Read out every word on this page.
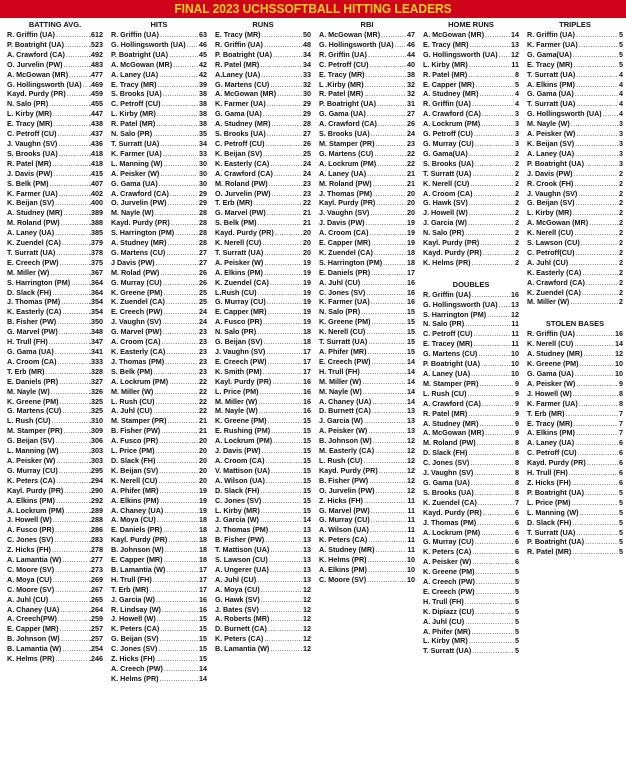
FINAL 2023 UCHSSOFTBALL HITTING LEADERS
BATTING AVG.
R. Griffin (UA) .....	.612
P. Boatright (UA) .....	.523
A. Crawford (CA) .....	.492
O. Jurvelin (PW) .....	.483
A. McGowan (MR) .....	.477
G. Hollingsworth (UA) ..... .469
Kayd. Purdy (PR) .....	.459
N. Salo (PR) .....	.455
L. Kirby (MR) .....	.447
E. Tracy (MR) .....	.438
C. Petroff (CU) .....	.437
J. Vaughn (SV) .....	.436
S. Brooks (UA) .....	.418
R. Patel (MR) .....	.418
J. Davis (PW) .....	.415
S. Belk (PM) .....	.407
K. Farmer (UA) .....	.402
K. Beijan (SV) .....	.400
A. Studney (MR) .....	.389
M. Roland (PW) .....	.388
A. Laney (UA) .....	.385
K. Zuendel (CA) .....	.379
T. Surratt (UA) .....	.378
E. Creech (PW) .....	.375
M. Miller (W) .....	.367
S. Harrington (PM) .....	.364
D. Slack (FH) .....	.364
J. Thomas (PM) .....	.354
K. Easterly (CA) .....	.354
B. Fisher (PW) .....	.350
G. Marvel (PW) .....	.348
H. Trull (FH) .....	.347
G. Gama (UA) .....	.341
A. Croom (CA) .....	.333
T. Erb (MR) .....	.328
E. Daniels (PR) .....	.327
M. Nayle (W) .....	.326
K. Greene (PM) .....	.325
G. Martens (CU) .....	.325
L. Rush (CU) .....	.310
M. Stamper (PR) .....	.309
G. Beijan (SV) .....	.306
L. Manning (W) .....	.303
A. Peisker (W) .....	.303
G. Murray (CU) .....	.295
K. Peters (CA) .....	.294
Kayl. Purdy (PR) .....	.290
A. Elkins (PM) .....	.292
A. Lockrum (PM) .....	.289
J. Howell (W) .....	.288
A. Fusco (PR) .....	.286
C. Jones (SV) .....	.283
Z. Hicks (FH) .....	.278
A. Lamantia (W) .....	.277
C. Moore (SV) .....	.273
A. Moya (CU) .....	.269
C. Moore (SV) .....	.267
A. Juhl (CU) .....	.265
A. Chaney (UA) .....	.264
A. Creech(PW) .....	.259
E. Capper (MR) .....	.257
B. Johnson (W) .....	.257
B. Lamantia (W) .....	.254
K. Helms (PR) .....	.246
HITS
R. Griffin (UA) .....	63
G. Hollingsworth (UA) ..... 46
P. Boatright (UA) .....	45
A. McGowan (MR) .....	42
A. Laney (UA) .....	42
E. Tracy (MR) .....	39
S. Brooks (UA) .....	38
C. Petroff (CU) .....	38
L. Kirby (MR) .....	38
R. Patel (MR) .....	38
N. Salo (PR) .....	35
T. Surratt (UA) .....	34
K. Farmer (UA) .....	33
L. Manning (W) .....	30
A. Peisker (W) .....	30
G. Gama (UA) .....	30
A. Crawford (CA) .....	29
O. Jurvelin (PW) .....	29
M. Nayle (W) .....	28
Kayd. Purdy (PR) .....	28
S. Harrington (PM) .....	28
A. Studney (MR) .....	28
G. Martens (CU) .....	27
J Davis (PW) .....	27
M. Rolad (PW) .....	26
G. Murray (CU) .....	26
K. Greene (PM) .....	25
K. Zuendel (CA) .....	25
E. Creech (PW) .....	24
J. Vaughn (SV) .....	24
G. Marvel (PW) .....	23
A. Croom (CA) .....	23
K. Easterly (CA) .....	23
J. Thomas (PM) .....	23
S. Belk (PM) .....	23
A. Lockrum (PM) .....	22
M. Miller (W) .....	22
L. Rush (CU) .....	22
A. Juhl (CU) .....	22
M. Stamper (PR) .....	21
B. Fisher (PW) .....	21
A. Fusco (PR) .....	20
L. Price (PM) .....	20
D. Slack (FH) .....	20
K. Beijan (SV) .....	20
K. Nerell (CU) .....	20
A. Phifer (MR) .....	19
A. Elkins (PM) .....	19
A. Chaney (UA) .....	19
A. Moya (CU) .....	18
E. Daniels (PR) .....	18
Kayl. Purdy (PR) .....	18
B. Johnson (W) .....	18
E. Capper (MR) .....	18
B. Lamantia (W) .....	17
H. Trull (FH) .....	17
T. Erb (MR) .....	17
J. Garcia (W) .....	16
R. Lindsay (W) .....	16
J. Howell (W) .....	15
K. Peters (CA) .....	15
G. Beijan (SV) .....	15
C. Jones (SV) .....	15
Z. Hicks (FH) .....	15
A. Creech (PW) .....	14
K. Helms (PR) .....	14
RUNS
E. Tracy (MR) .....	50
R. Griffin (UA) .....	48
P. Boatright (UA) .....	34
R. Patel (MR) .....	34
A.Laney (UA) .....	33
G. Martens (CU) .....	32
A. McGowan (MR) .....	30
K. Farmer (UA) .....	29
G. Gama (UA) .....	29
A. Studney (MR) .....	28
S. Brooks (UA) .....	27
C. Petroff (CU) .....	26
K. Beijan (SV) .....	25
K. Easterly (CA) .....	24
A. Crawford (CA) .....	24
M. Roland (PW) .....	23
O. Jurvelin (PW) .....	23
T. Erb (MR) .....	22
G. Marvel (PW) .....	21
S. Belk (PM) .....	21
Kayd. Purdy (PR) .....	20
K. Nerell (CU) .....	20
T. Surratt (UA) .....	20
A. Peisker (W) .....	19
A. Elkins (PM) .....	19
K. Zuendel (CA) .....	19
L.Rush (CU) .....	19
G. Murray (CU) .....	19
E. Capper (MR) .....	19
A. Fusco (PR) .....	19
N. Salo (PR) .....	18
G. Beijan (SV) .....	18
J. Vaughn (SV) .....	17
E. Creech (PW) .....	17
K. Smith (PM) .....	17
Kayl. Purdy (PR) .....	16
L. Price (PM) .....	16
M. Miller (W) .....	16
M. Nayle (W) .....	16
K. Greene (PM) .....	15
E. Rushing (PM) .....	15
A. Lockrum (PM) .....	15
J. Davis (PW) .....	15
A. Croom (CA) .....	15
V. Mattison (UA) .....	15
A. Wilson (UA) .....	15
D. Slack (FH) .....	15
C. Jones (SV) .....	15
L. Kirby (MR) .....	15
J. Garcia (W) .....	14
J. Thomas (PM) .....	13
B. Fisher (PW) .....	13
T. Mattison (UA) .....	13
S. Lawson (CU) .....	13
A. Ungerer (UA) .....	13
A. Juhl (CU) .....	13
A. Moya (CU) .....	12
G. Hawk (SV) .....	12
J. Bates (SV) .....	12
A. Roberts (MR) .....	12
D. Burnett (CA) .....	12
K. Peters (CA) .....	12
B. Lamantia (W) .....	12
RBI
A. McGowan (MR) .....	47
G. Hollingsworth (UA) ..... 46
R. Griffin (UA) .....	44
C. Petroff (CU) .....	40
E. Tracy (MR) .....	38
L .Kirby (MR) .....	32
R. Patel (MR) .....	32
P. Boatright (UA) .....	31
G. Gama (UA) .....	27
A. Crawford (CA) .....	26
S. Brooks (UA) .....	24
M. Stamper (PR) .....	23
G. Martens (CU) .....	22
A. Lockrum (PM) .....	22
A. Laney (UA) .....	21
M. Roland (PW) .....	21
J. Thomas (PM) .....	20
Kayl. Purdy (PR) .....	20
J. Vaughn (SV) .....	20
J. Davis (PW) .....	19
A. Croom (CA) .....	19
E. Capper (MR) .....	19
K. Zuendel (CA) .....	18
S. Harrington (PM) .....	18
E. Daniels (PR) .....	17
A. Juhl (CU) .....	16
C. Jones (SV) .....	16
K. Farmer (UA) .....	16
N. Salo (PR) .....	15
K. Greene (PM) .....	15
K. Nerell (CU) .....	15
T. Surratt (UA) .....	15
A. Phifer (MR) .....	15
E. Creech (PW) .....	14
H. Trull (FH) .....	14
M. Miller (W) .....	14
M. Nayle (W) .....	14
A. Chaney (UA) .....	14
D. Burnett (CA) .....	13
J. Garcia (W) .....	13
A. Peisker (W) .....	13
B. Johnson (W) .....	12
M. Easterly (CA) .....	12
L. Rush (CU) .....	12
Kayd. Purdy (PR) .....	12
B. Fisher (PW) .....	12
O. Jurvelin (PW) .....	12
Z. Hicks (FH) .....	11
G. Marvel (PW) .....	11
G. Murray (CU) .....	11
A. Wilson (UA) .....	11
K. Peters (CA) .....	11
A. Studney (MR) .....	11
K. Helms (PR) .....	10
A. Elkins (PM) .....	10
C. Moore (SV) .....	10
HOME RUNS
A. McGowan (MR) .....	14
E. Tracy (MR) .....	13
G. Hollingsworth (UA) ..... 12
L. Kirby (MR) .....	11
R. Patel (MR) .....	8
E. Capper (MR) .....	5
A. Studney (MR) .....	4
R. Griffin (UA) .....	4
A. Crawford (CA) .....	3
A. Lockrum (PM) .....	3
G. Petroff (CU) .....	3
G. Murray (CU) .....	3
G. Gama(UA) .....	2
S. Brooks (UA) .....	2
T. Surratt (UA) .....	2
K. Nerell (CU) .....	2
A. Croom (CA) .....	2
G. Hawk (SV) .....	2
J. Howell (W) .....	2
J. Garcia (W) .....	2
N. Salo (PR) .....	2
Kayl. Purdy (PR) .....	2
Kayd. Purdy (PR) .....	2
K. Helms (PR) .....	2
DOUBLES
R. Griffin (UA) .....	16
G. Hollingsworth (UA) ..... 13
S. Harrington (PM) .....	12
N. Salo (PR) .....	11
C. Petroff (CU) .....	11
E. Tracey (MR) .....	11
G. Martens (CU) .....	10
P. Boatright (UA) .....	10
A. Laney (UA) .....	10
M. Stamper (PR) .....	9
L. Rush (CU) .....	9
A. Crawford (CA) .....	9
R. Patel (MR) .....	9
A. Studney (MR) .....	9
A. McGowan (MR) .....	9
M. Roland (PW) .....	8
D. Slack (FH) .....	8
C. Jones (SV) .....	8
J. Vaughn (SV) .....	8
G. Gama (UA) .....	8
S. Brooks (UA) .....	8
K. Zuendel (CA) .....	7
Kayd. Purdy (PR) .....	6
J. Thomas (PM) .....	6
A. Lockrum (PM) .....	6
G. Murray (CU) .....	6
K. Peters (CA) .....	6
A. Peisker (W) .....	6
K. Greene (PM) .....	5
A. Creech (PW) .....	5
E. Creech (PW) .....	5
H. Trull (FH) .....	5
K. Dipiazz (CU) .....	5
A. Juhl (CU) .....	5
A. Phifer (MR) .....	5
L. Kirby (MR) .....	5
T. Surratt (UA) .....	5
TRIPLES
R. Griffin (UA) .....	5
K. Farmer (UA) .....	5
G. Gama(UA) .....	5
E. Tracy (MR) .....	5
T. Surratt (UA) .....	4
A. Elkins (PM) .....	4
G. Gama (UA) .....	4
T. Surratt (UA) .....	4
G. Hollingsworth (UA) ..... 4
M. Nayle (W) .....	3
A. Peisker (W) .....	3
K. Beijan (SV) .....	3
A. Laney (UA) .....	3
P. Boatright (UA) .....	3
J. Davis (PW) .....	2
R. Crook (FH) .....	2
J. Vaughn (SV) .....	2
G. Beijan (SV) .....	2
L. Kirby (MR) .....	2
A. McGowan (MR) .....	2
K. Nerell (CU) .....	2
S. Lawson (CU) .....	2
C. Petroff(CU) .....	2
A. Juhl (CU) .....	2
K. Easterly (CA) .....	2
A. Crawford (CA) .....	2
K. Zuendel (CA) .....	2
M. Miller (W) .....	2
STOLEN BASES
R. Griffin (UA) .....	16
K. Nerell (CU) .....	14
A. Studney (MR) .....	12
K. Greene (PM) .....	10
G. Gama (UA) .....	10
A. Peisker (W) .....	9
J. Howell (W) .....	8
K. Farmer (UA) .....	8
T. Erb (MR) .....	7
E. Tracy (MR) .....	7
A. Elkins (PM) .....	7
A. Laney (UA) .....	6
C. Petroff (CU) .....	6
Kayd. Purdy (PR) .....	6
H. Trull (FH) .....	6
Z. Hicks (FH) .....	6
P. Boatright (UA) .....	5
L. Price (PM) .....	5
L. Manning (W) .....	5
D. Slack (FH) .....	5
T. Surratt (UA) .....	5
P. Boatright (UA) .....	5
R. Patel (MR) .....	5
